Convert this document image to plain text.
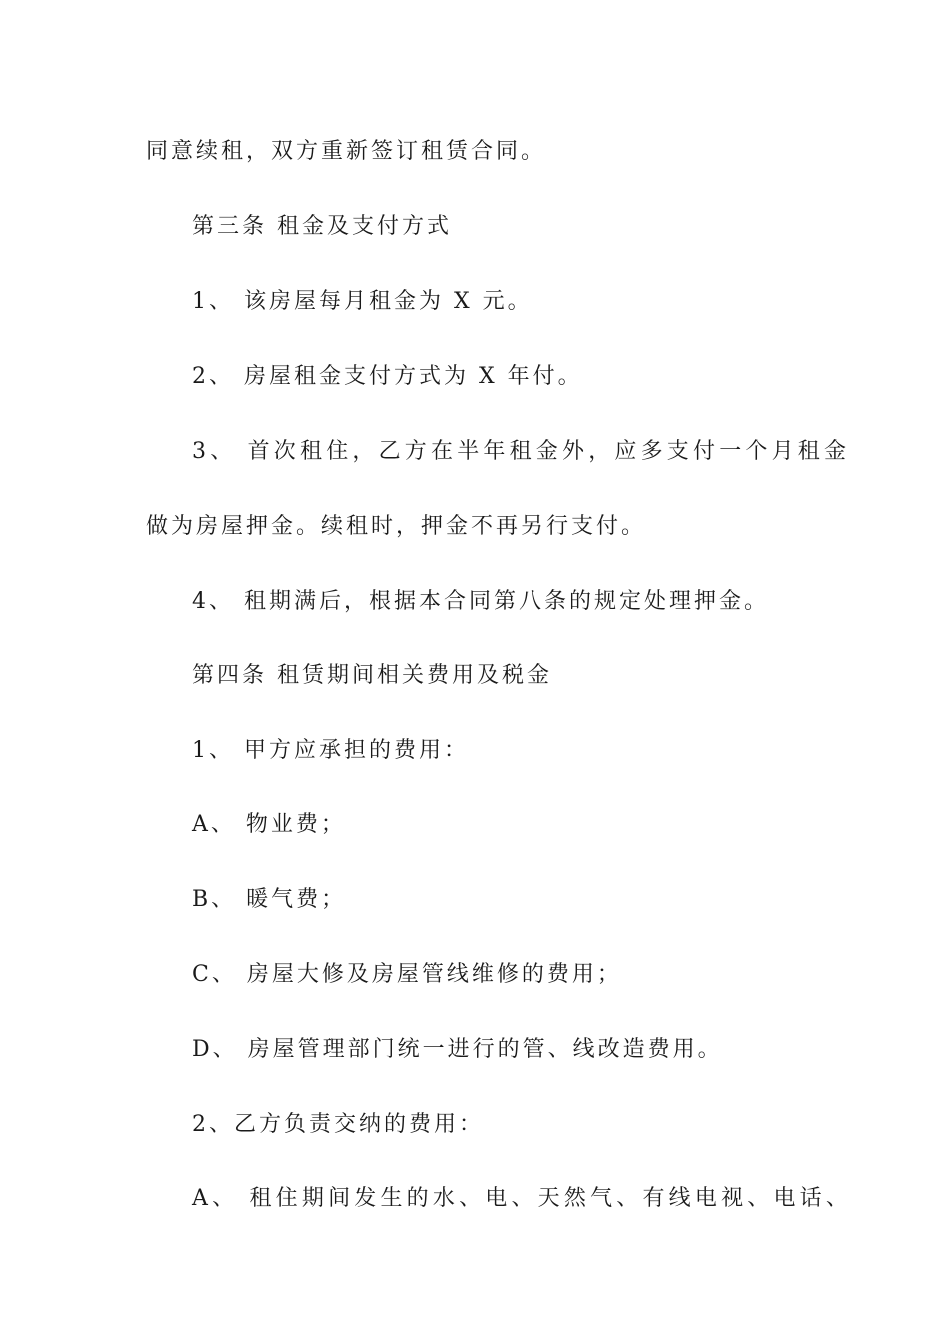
同意续租，双方重新签订租赁合同。
第三条 租金及支付方式
1、 该房屋每月租金为 X 元。
2、 房屋租金支付方式为 X 年付。
3、 首次租住，乙方在半年租金外，应多支付一个月租金
做为房屋押金。续租时，押金不再另行支付。
4、 租期满后，根据本合同第八条的规定处理押金。
第四条 租赁期间相关费用及税金
1、 甲方应承担的费用：
A、 物业费；
B、 暖气费；
C、 房屋大修及房屋管线维修的费用；
D、 房屋管理部门统一进行的管、线改造费用。
2、乙方负责交纳的费用：
A、 租住期间发生的水、电、天然气、有线电视、电话、
